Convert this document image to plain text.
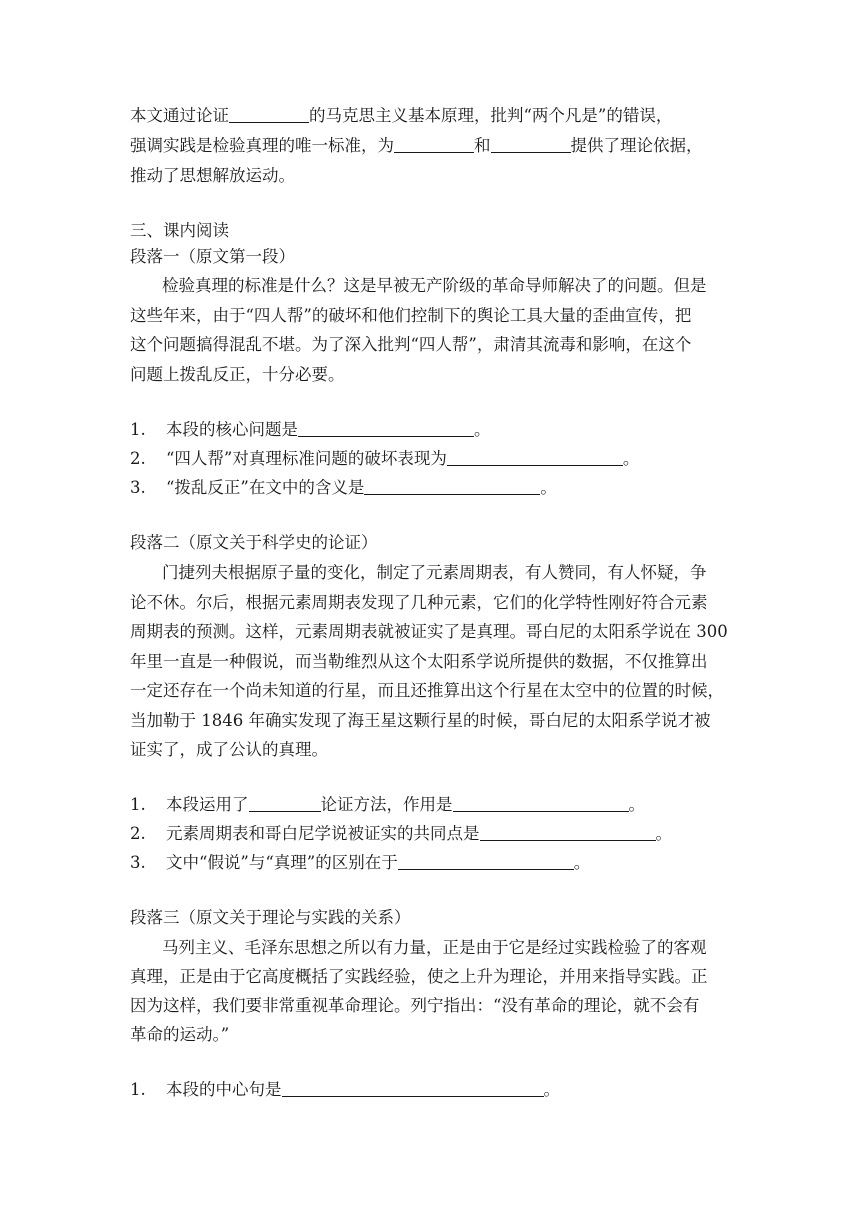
本文通过论证	的马克思主义基本原理，批判“两个凡是”的错误，
强调实践是检验真理的唯一标准，为	和	提供了理论依据，
推动了思想解放运动。
三、课内阅读
段落一（原文第一段）
检验真理的标准是什么？这是早被无产阶级的革命导师解决了的问题。但是
这些年来，由于“四人帮”的破坏和他们控制下的舆论工具大量的歪曲宣传，把
这个问题搞得混乱不堪。为了深入批判“四人帮”，肃清其流毒和影响，在这个
问题上拨乱反正，十分必要。
1. 本段的核心问题是	。
2. “四人帮”对真理标准问题的破坏表现为	。
3. “拨乱反正”在文中的含义是	。
段落二（原文关于科学史的论证）
门捷列夫根据原子量的变化，制定了元素周期表，有人赞同，有人怀疑，争
论不休。尔后，根据元素周期表发现了几种元素，它们的化学特性刚好符合元素
周期表的预测。这样，元素周期表就被证实了是真理。哥白尼的太阳系学说在 300
年里一直是一种假说，而当勒维烈从这个太阳系学说所提供的数据，不仅推算出
一定还存在一个尚未知道的行星，而且还推算出这个行星在太空中的位置的时候，
当加勒于 1846 年确实发现了海王星这颗行星的时候，哥白尼的太阳系学说才被
证实了，成了公认的真理。
1. 本段运用了	论证方法，作用是	。
2. 元素周期表和哥白尼学说被证实的共同点是	。
3. 文中“假说”与“真理”的区别在于	。
段落三（原文关于理论与实践的关系）
马列主义、毛泽东思想之所以有力量，正是由于它是经过实践检验了的客观
真理，正是由于它高度概括了实践经验，使之上升为理论，并用来指导实践。正
因为这样，我们要非常重视革命理论。列宁指出：“没有革命的理论，就不会有
革命的运动。”
1. 本段的中心句是	。
